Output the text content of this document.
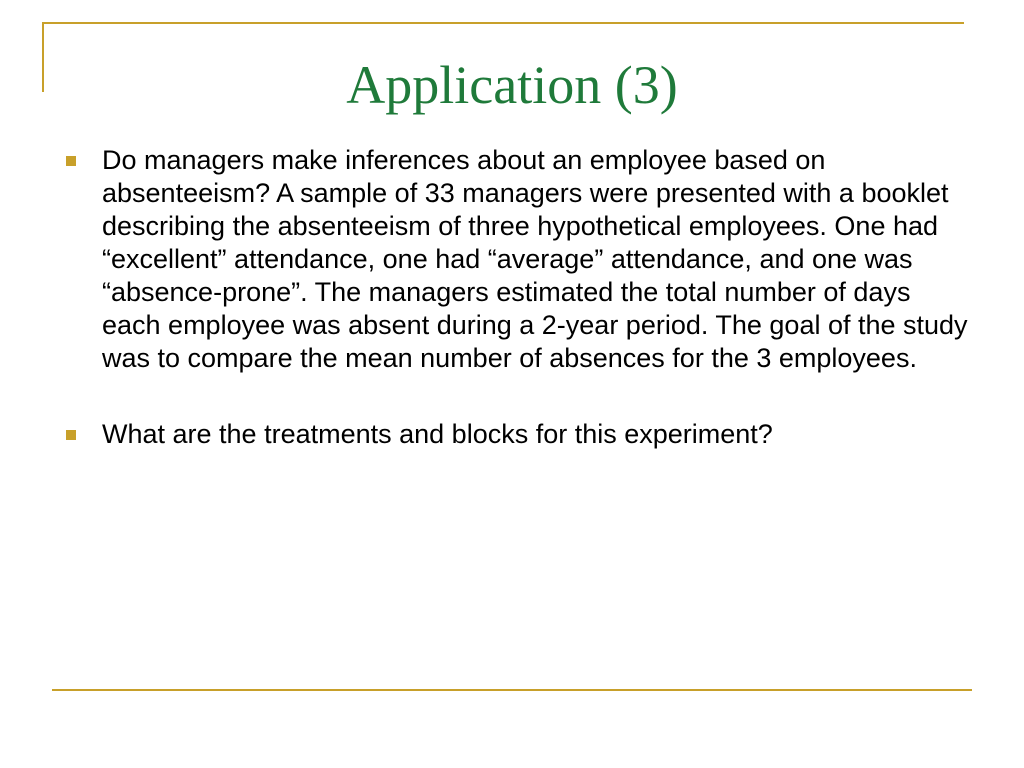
Application (3)
Do managers make inferences about an employee based on absenteeism? A sample of 33 managers were presented with a booklet describing the absenteeism of three hypothetical employees. One had “excellent” attendance, one had “average” attendance, and one was “absence-prone”. The managers estimated the total number of days each employee was absent during a 2-year period. The goal of the study was to compare the mean number of absences for the 3 employees.
What are the treatments and blocks for this experiment?
